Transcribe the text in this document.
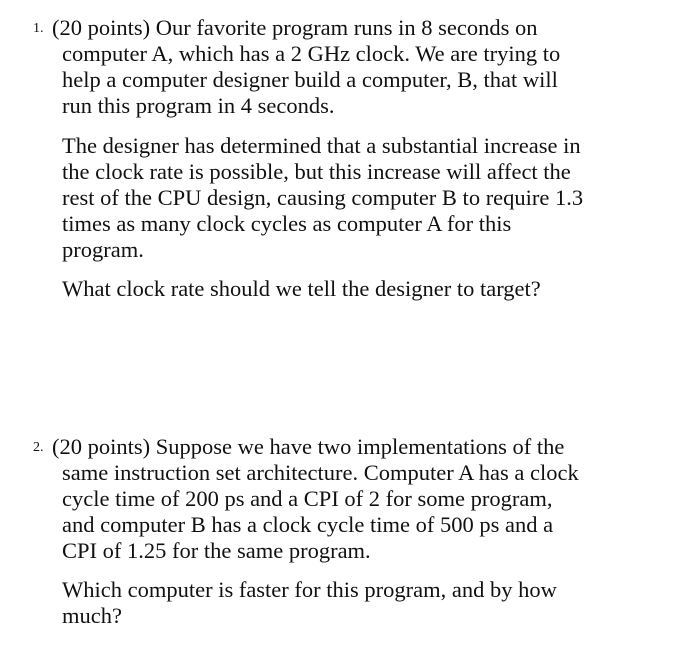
1. (20 points) Our favorite program runs in 8 seconds on
computer A, which has a 2 GHz clock. We are trying to
help a computer designer build a computer, B, that will
run this program in 4 seconds.

The designer has determined that a substantial increase in
the clock rate is possible, but this increase will affect the
rest of the CPU design, causing computer B to require 1.3
times as many clock cycles as computer A for this
program.

What clock rate should we tell the designer to target?

2. (20 points) Suppose we have two implementations of the
same instruction set architecture. Computer A has a clock
cycle time of 200 ps and a CPI of 2 for some program,
and computer B has a clock cycle time of 500 ps and a
CPI of 1.25 for the same program.

Which computer is faster for this program, and by how
much?
